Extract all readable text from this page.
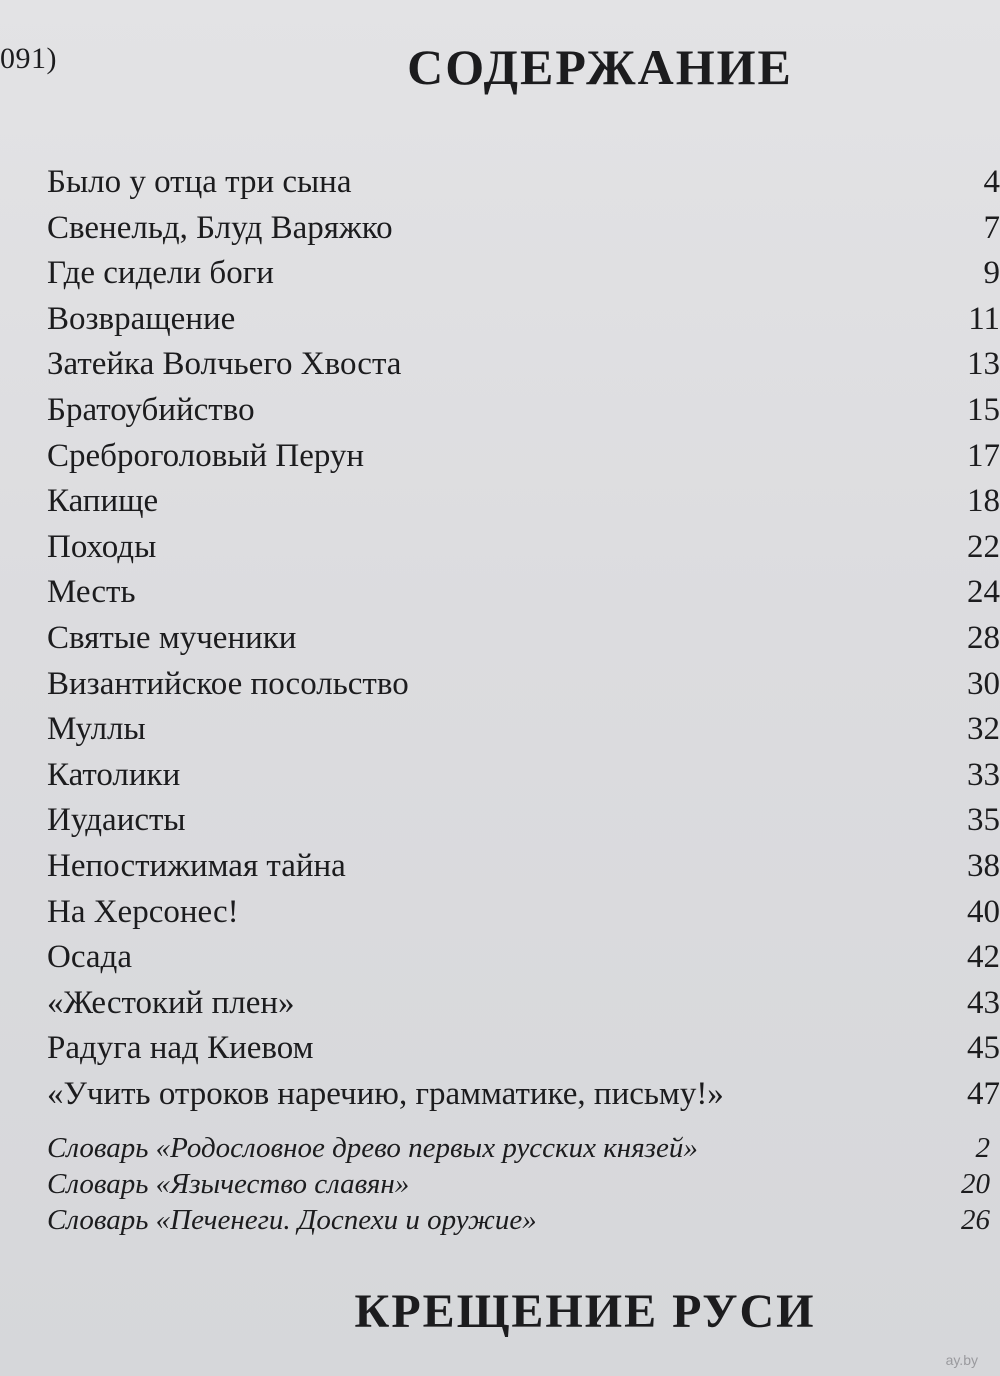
091)	СОДЕРЖАНИЕ
Было у отца три сына	4
Свенельд, Блуд Варяжко	7
Где сидели боги	9
Возвращение	11
Затейка Волчьего Хвоста	13
Братоубийство	15
Среброголовый Перун	17
Капище	18
Походы	22
Месть	24
Святые мученики	28
Византийское посольство	30
Муллы	32
Католики	33
Иудаисты	35
Непостижимая тайна	38
На Херсонес!	40
Осада	42
«Жестокий плен»	43
Радуга над Киевом	45
«Учить отроков наречию, грамматике, письму!»	47
Словарь «Родословное древо первых русских князей»	2
Словарь «Язычество славян»	20
Словарь «Печенеги. Доспехи и оружие»	26
КРЕЩЕНИЕ РУСИ
ay.by
